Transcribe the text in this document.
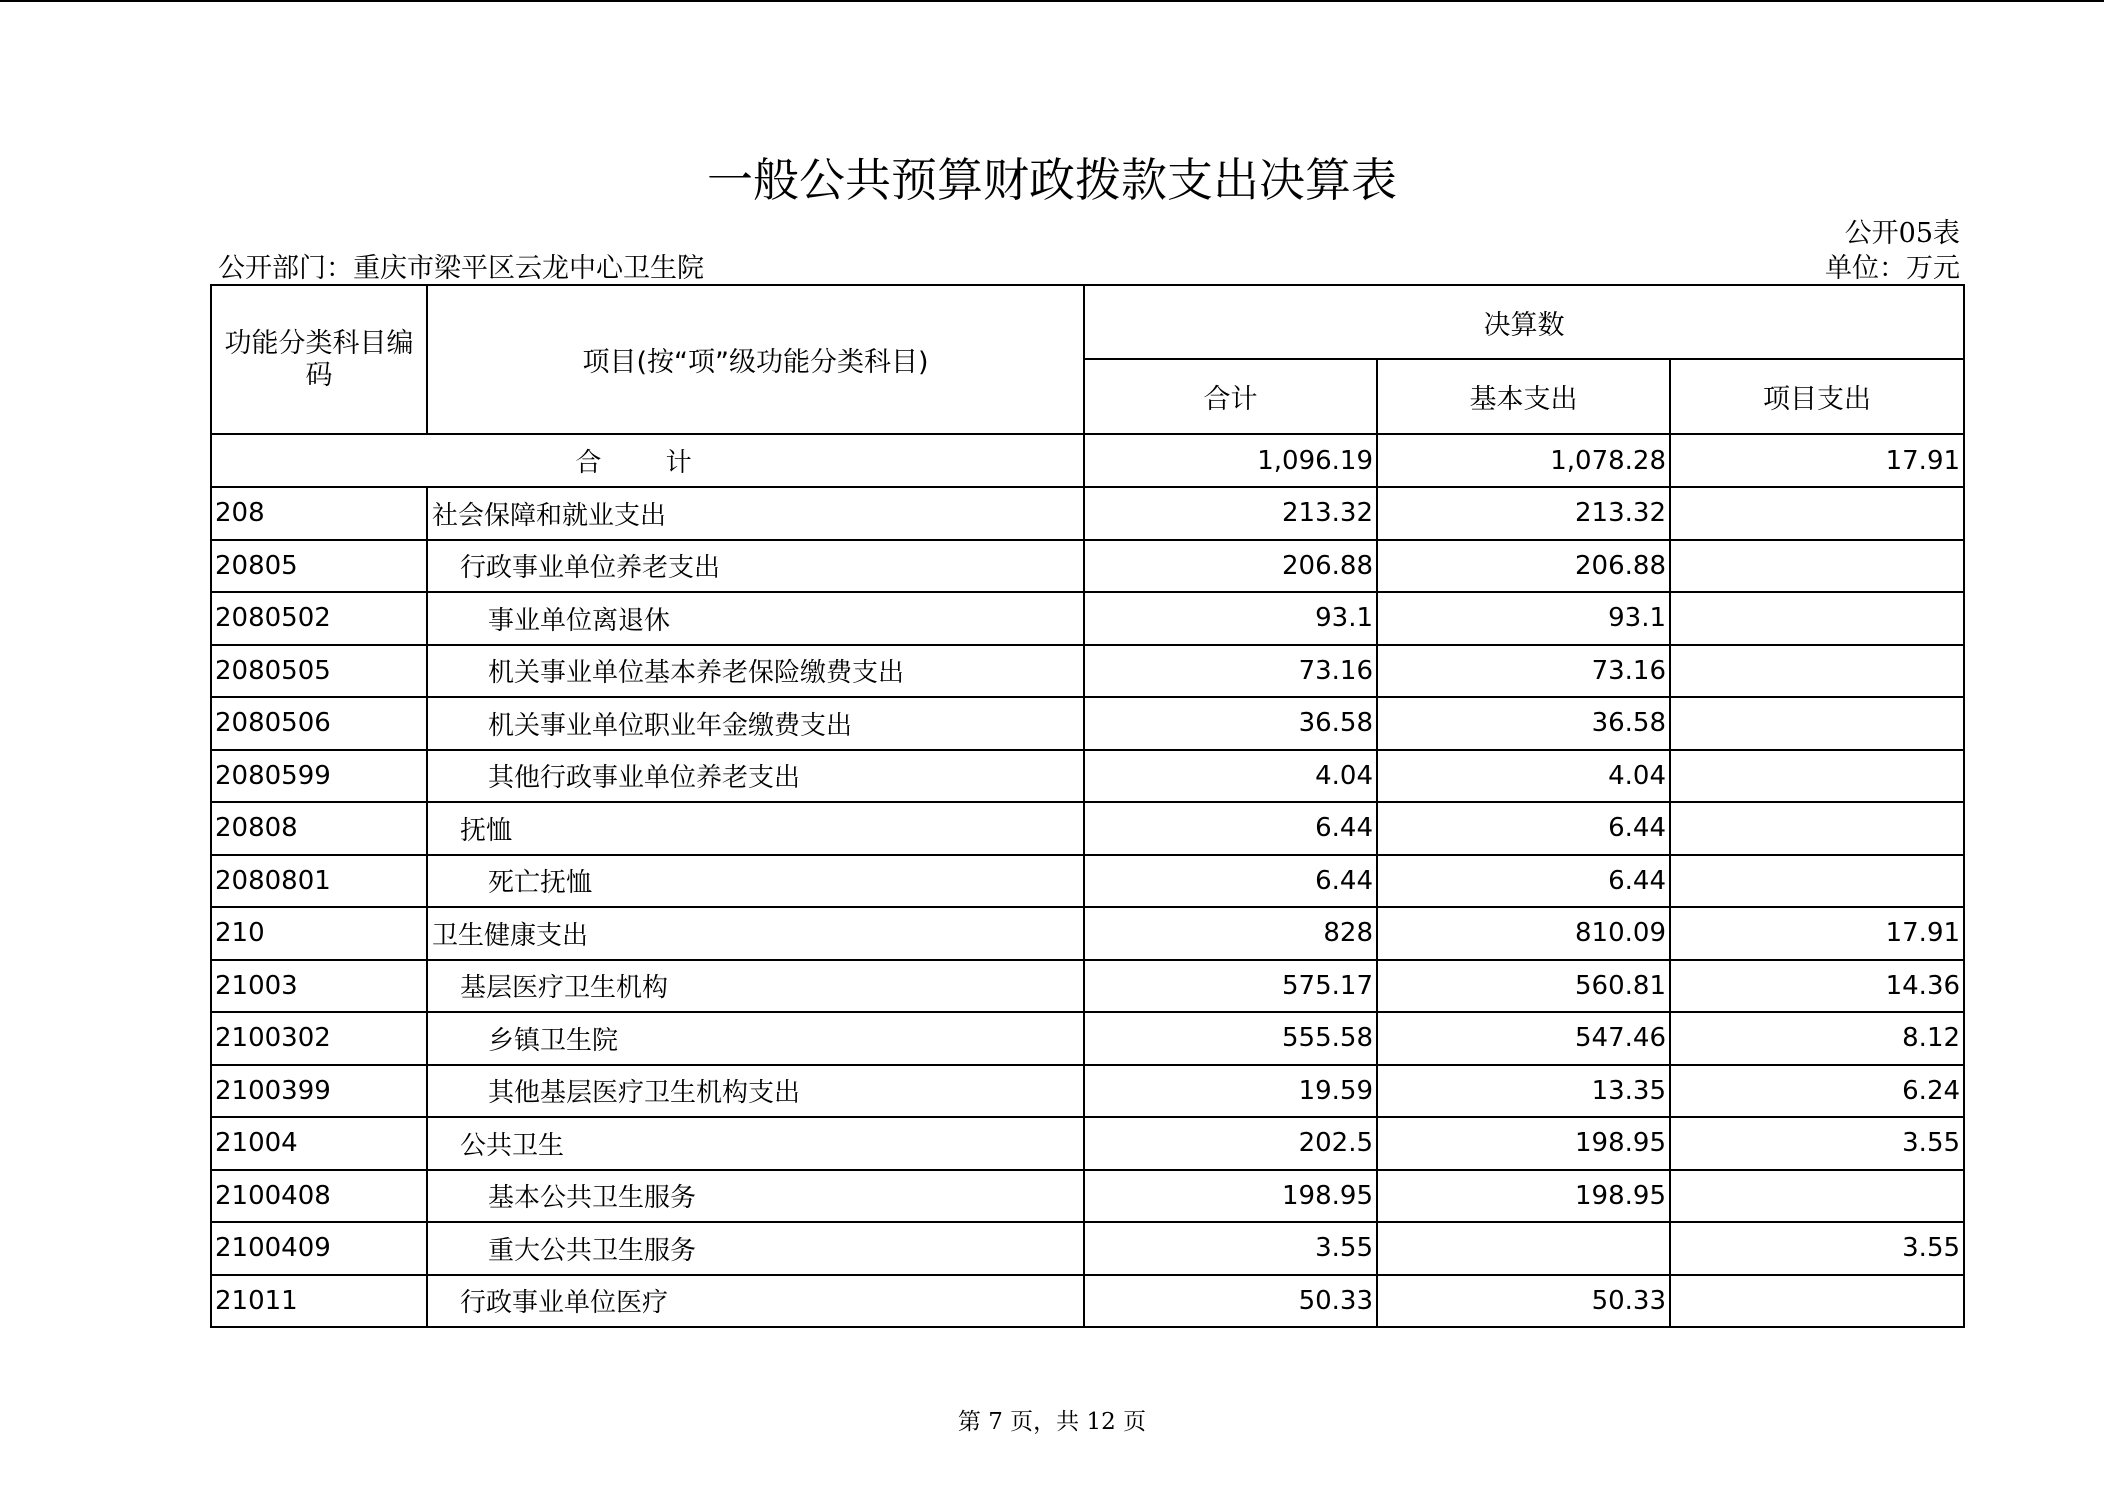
一般公共预算财政拨款支出决算表
公开05表
公开部门：重庆市梁平区云龙中心卫生院	单位：万元
功能分类科目编码	项目(按“项”级功能分类科目)	决算数		
		合计	基本支出	项目支出
合 计		1,096.19	1,078.28	17.91
208	社会保障和就业支出	213.32	213.32	
20805	行政事业单位养老支出	206.88	206.88	
2080502	事业单位离退休	93.1	93.1	
2080505	机关事业单位基本养老保险缴费支出	73.16	73.16	
2080506	机关事业单位职业年金缴费支出	36.58	36.58	
2080599	其他行政事业单位养老支出	4.04	4.04	
20808	抚恤	6.44	6.44	
2080801	死亡抚恤	6.44	6.44	
210	卫生健康支出	828	810.09	17.91
21003	基层医疗卫生机构	575.17	560.81	14.36
2100302	乡镇卫生院	555.58	547.46	8.12
2100399	其他基层医疗卫生机构支出	19.59	13.35	6.24
21004	公共卫生	202.5	198.95	3.55
2100408	基本公共卫生服务	198.95	198.95	
2100409	重大公共卫生服务	3.55		3.55
21011	行政事业单位医疗	50.33	50.33	
第 7 页，共 12 页
